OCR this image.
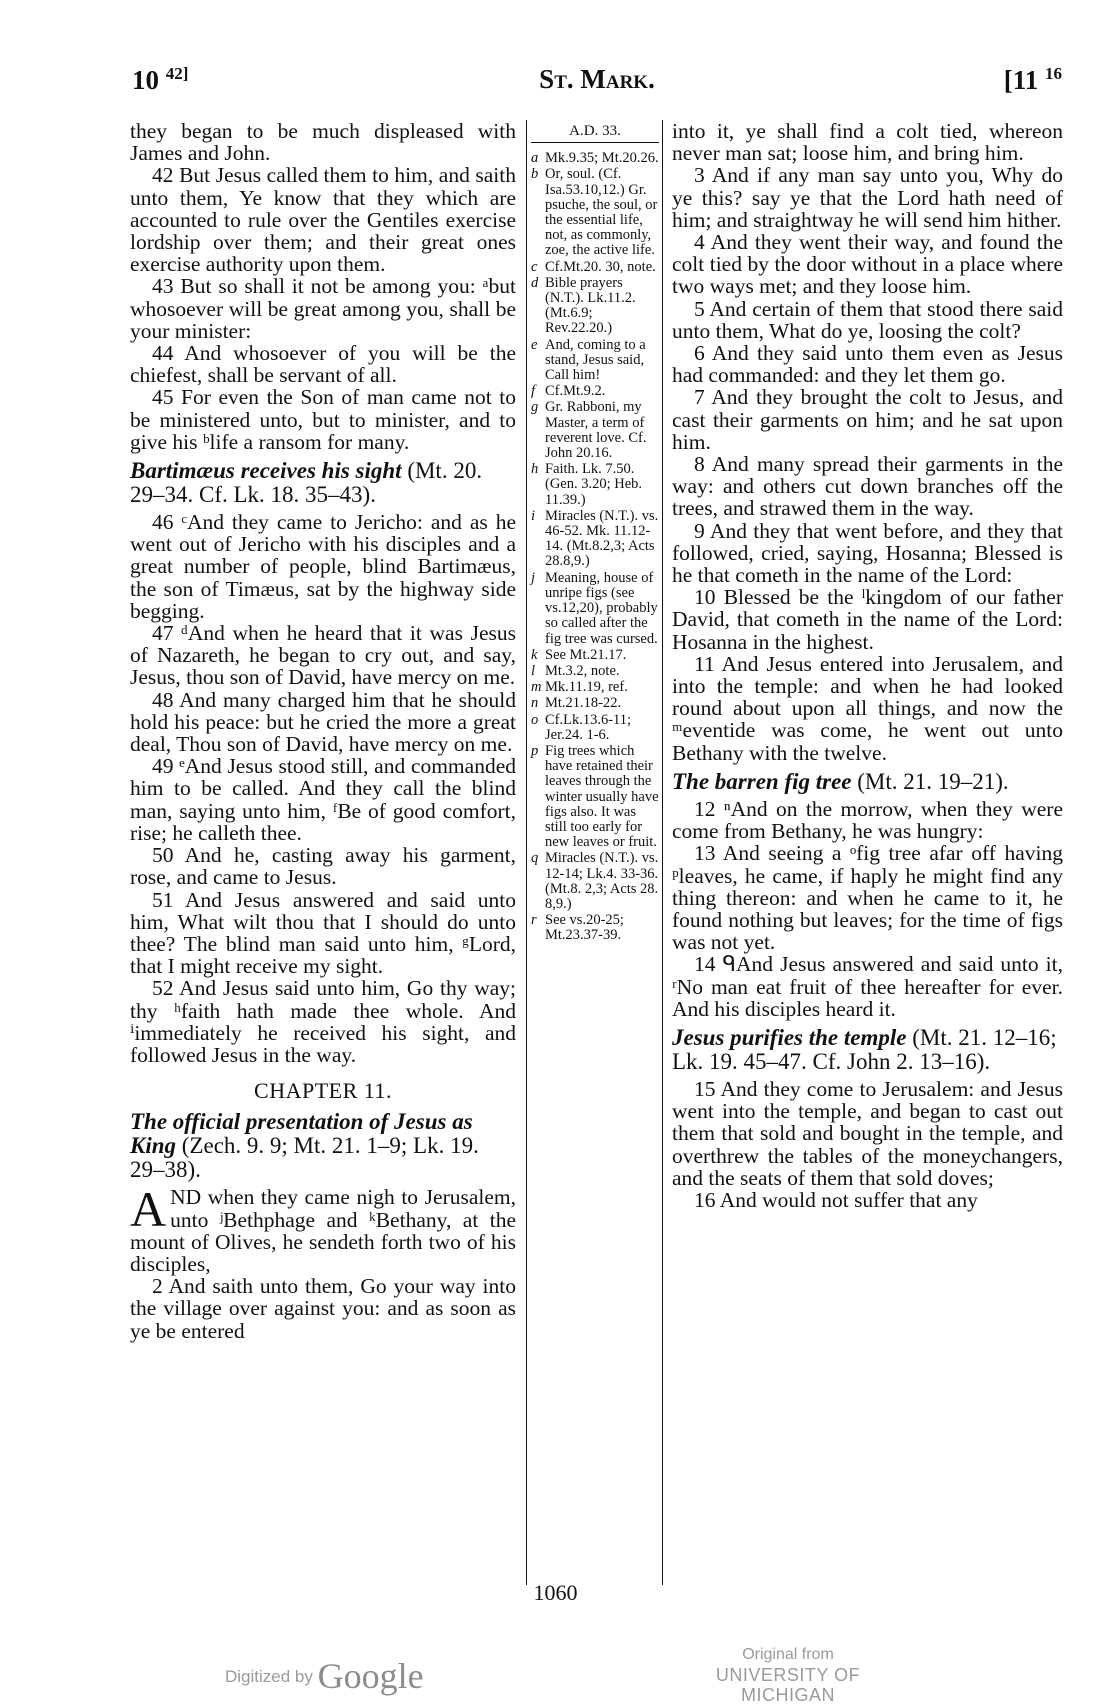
10 $^{42]}$	St. Mark.	[11 $^{16}$

they began to be much displeased with James and John.

42 But Jesus called them to him, and saith unto them, Ye know that they which are accounted to rule over the Gentiles exercise lordship over them; and their great ones exercise authority upon them.

43 But so shall it not be among you: ᵃbut whosoever will be great among you, shall be your minister:

44 And whosoever of you will be the chiefest, shall be servant of all.

45 For even the Son of man came not to be ministered unto, but to minister, and to give his ᵇlife a ransom for many.

Bartimæus receives his sight (Mt. 20. 29–34. Cf. Lk. 18. 35–43).

46 ᶜAnd they came to Jericho: and as he went out of Jericho with his disciples and a great number of people, blind Bartimæus, the son of Timæus, sat by the highway side begging.

47 ᵈAnd when he heard that it was Jesus of Nazareth, he began to cry out, and say, Jesus, thou son of David, have mercy on me.

48 And many charged him that he should hold his peace: but he cried the more a great deal, Thou son of David, have mercy on me.

49 ᵉAnd Jesus stood still, and commanded him to be called. And they call the blind man, saying unto him, ᶠBe of good comfort, rise; he calleth thee.

50 And he, casting away his garment, rose, and came to Jesus.

51 And Jesus answered and said unto him, What wilt thou that I should do unto thee? The blind man said unto him, ᵍLord, that I might receive my sight.

52 And Jesus said unto him, Go thy way; thy ʰfaith hath made thee whole. And ⁱimmediately he received his sight, and followed Jesus in the way.

CHAPTER 11.

The official presentation of Jesus as King (Zech. 9. 9; Mt. 21. 1–9; Lk. 19. 29–38).

AND when they came nigh to Jerusalem, unto ʲBethphage and ᵏBethany, at the mount of Olives, he sendeth forth two of his disciples,

2 And saith unto them, Go your way into the village over against you: and as soon as ye be entered

A.D. 33.
a Mk.9.35; Mt.20.26.
b Or, soul. (Cf. Isa.53.10,12.) Gr. psuche, the soul, or the essential life, not, as commonly, zoe, the active life.
c Cf.Mt.20. 30, note.
d Bible prayers (N.T.). Lk.11.2. (Mt.6.9; Rev.22.20.)
e And, coming to a stand, Jesus said, Call him!
f Cf.Mt.9.2.
g Gr. Rabboni, my Master, a term of reverent love. Cf. John 20.16.
h Faith. Lk. 7.50. (Gen. 3.20; Heb. 11.39.)
i Miracles (N.T.). vs. 46-52. Mk. 11.12-14. (Mt.8.2,3; Acts 28.8,9.)
j Meaning, house of unripe figs (see vs.12,20), probably so called after the fig tree was cursed.
k See Mt.21.17.
l Mt.3.2, note.
m Mk.11.19, ref.
n Mt.21.18-22.
o Cf.Lk.13.6-11; Jer.24. 1-6.
p Fig trees which have retained their leaves through the winter usually have figs also. It was still too early for new leaves or fruit.
q Miracles (N.T.). vs. 12-14; Lk.4. 33-36. (Mt.8. 2,3; Acts 28. 8,9.)
r See vs.20-25; Mt.23.37-39.

into it, ye shall find a colt tied, whereon never man sat; loose him, and bring him.

3 And if any man say unto you, Why do ye this? say ye that the Lord hath need of him; and straightway he will send him hither.

4 And they went their way, and found the colt tied by the door without in a place where two ways met; and they loose him.

5 And certain of them that stood there said unto them, What do ye, loosing the colt?

6 And they said unto them even as Jesus had commanded: and they let them go.

7 And they brought the colt to Jesus, and cast their garments on him; and he sat upon him.

8 And many spread their garments in the way: and others cut down branches off the trees, and strawed them in the way.

9 And they that went before, and they that followed, cried, saying, Hosanna; Blessed is he that cometh in the name of the Lord:

10 Blessed be the ˡkingdom of our father David, that cometh in the name of the Lord: Hosanna in the highest.

11 And Jesus entered into Jerusalem, and into the temple: and when he had looked round about upon all things, and now the ᵐeventide was come, he went out unto Bethany with the twelve.

The barren fig tree (Mt. 21. 19–21).

12 ⁿAnd on the morrow, when they were come from Bethany, he was hungry:

13 And seeing a ᵒfig tree afar off having ᵖleaves, he came, if haply he might find any thing thereon: and when he came to it, he found nothing but leaves; for the time of figs was not yet.

14 ᑫAnd Jesus answered and said unto it, ʳNo man eat fruit of thee hereafter for ever. And his disciples heard it.

Jesus purifies the temple (Mt. 21. 12–16; Lk. 19. 45–47. Cf. John 2. 13–16).

15 And they come to Jerusalem: and Jesus went into the temple, and began to cast out them that sold and bought in the temple, and overthrew the tables of the moneychangers, and the seats of them that sold doves;

16 And would not suffer that any

1060
Digitized by Google
Original from
UNIVERSITY OF MICHIGAN
